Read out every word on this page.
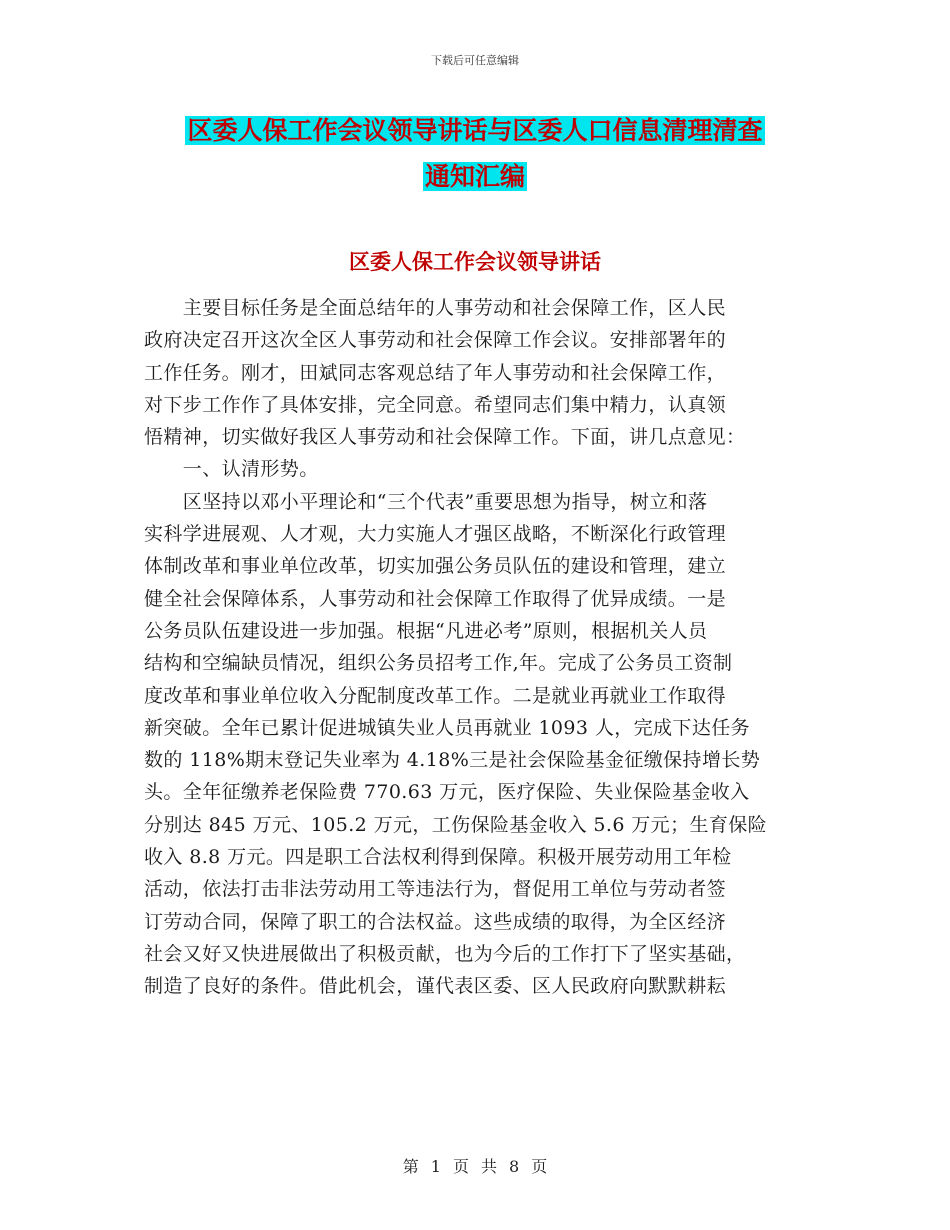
下载后可任意编辑
区委人保工作会议领导讲话与区委人口信息清理清查
通知汇编
区委人保工作会议领导讲话
　　主要目标任务是全面总结年的人事劳动和社会保障工作，区人民
政府决定召开这次全区人事劳动和社会保障工作会议。安排部署年的
工作任务。刚才，田斌同志客观总结了年人事劳动和社会保障工作，
对下步工作作了具体安排，完全同意。希望同志们集中精力，认真领
悟精神，切实做好我区人事劳动和社会保障工作。下面，讲几点意见：
　　一、认清形势。
　　区坚持以邓小平理论和“三个代表”重要思想为指导，树立和落
实科学进展观、人才观，大力实施人才强区战略，不断深化行政管理
体制改革和事业单位改革，切实加强公务员队伍的建设和管理，建立
健全社会保障体系，人事劳动和社会保障工作取得了优异成绩。一是
公务员队伍建设进一步加强。根据“凡进必考”原则，根据机关人员
结构和空编缺员情况，组织公务员招考工作,年。完成了公务员工资制
度改革和事业单位收入分配制度改革工作。二是就业再就业工作取得
新突破。全年已累计促进城镇失业人员再就业 1093 人，完成下达任务
数的 118%期末登记失业率为 4.18%三是社会保险基金征缴保持增长势
头。全年征缴养老保险费 770.63 万元，医疗保险、失业保险基金收入
分别达 845 万元、105.2 万元，工伤保险基金收入 5.6 万元；生育保险
收入 8.8 万元。四是职工合法权利得到保障。积极开展劳动用工年检
活动，依法打击非法劳动用工等违法行为，督促用工单位与劳动者签
订劳动合同，保障了职工的合法权益。这些成绩的取得，为全区经济
社会又好又快进展做出了积极贡献，也为今后的工作打下了坚实基础，
制造了良好的条件。借此机会，谨代表区委、区人民政府向默默耕耘
第 1 页 共 8 页
